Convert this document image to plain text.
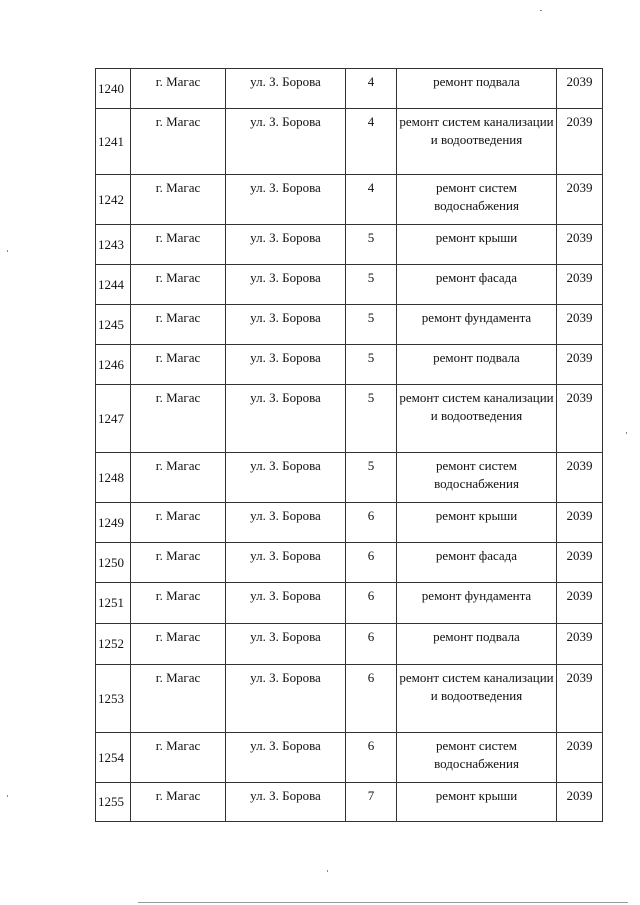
1240	г. Магас	ул. З. Борова	4	ремонт подвала	2039
1241	г. Магас	ул. З. Борова	4	ремонт систем канализации и водоотведения	2039
1242	г. Магас	ул. З. Борова	4	ремонт систем водоснабжения	2039
1243	г. Магас	ул. З. Борова	5	ремонт крыши	2039
1244	г. Магас	ул. З. Борова	5	ремонт фасада	2039
1245	г. Магас	ул. З. Борова	5	ремонт фундамента	2039
1246	г. Магас	ул. З. Борова	5	ремонт подвала	2039
1247	г. Магас	ул. З. Борова	5	ремонт систем канализации и водоотведения	2039
1248	г. Магас	ул. З. Борова	5	ремонт систем водоснабжения	2039
1249	г. Магас	ул. З. Борова	6	ремонт крыши	2039
1250	г. Магас	ул. З. Борова	6	ремонт фасада	2039
1251	г. Магас	ул. З. Борова	6	ремонт фундамента	2039
1252	г. Магас	ул. З. Борова	6	ремонт подвала	2039
1253	г. Магас	ул. З. Борова	6	ремонт систем канализации и водоотведения	2039
1254	г. Магас	ул. З. Борова	6	ремонт систем водоснабжения	2039
1255	г. Магас	ул. З. Борова	7	ремонт крыши	2039
